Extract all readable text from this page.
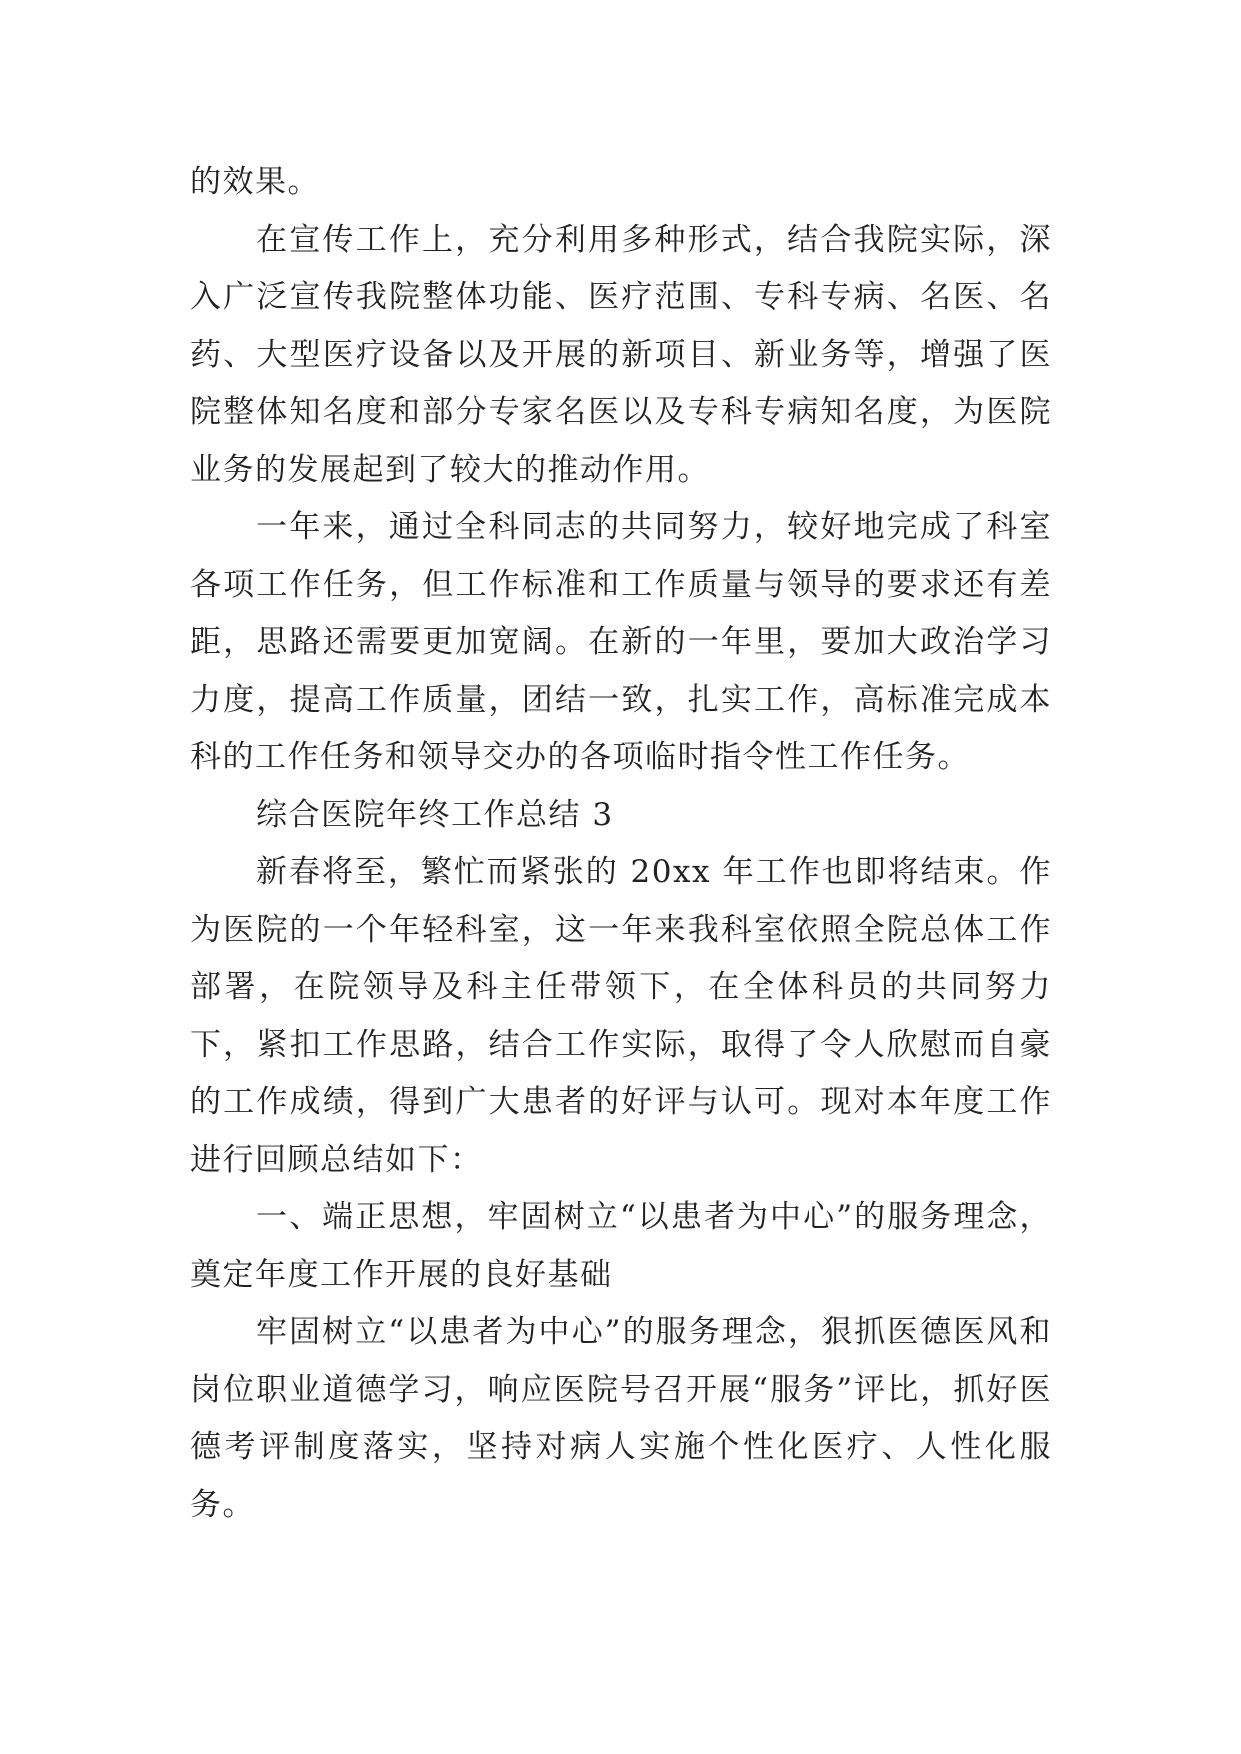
的效果。

在宣传工作上，充分利用多种形式，结合我院实际，深入广泛宣传我院整体功能、医疗范围、专科专病、名医、名药、大型医疗设备以及开展的新项目、新业务等，增强了医院整体知名度和部分专家名医以及专科专病知名度，为医院业务的发展起到了较大的推动作用。

一年来，通过全科同志的共同努力，较好地完成了科室各项工作任务，但工作标准和工作质量与领导的要求还有差距，思路还需要更加宽阔。在新的一年里，要加大政治学习力度，提高工作质量，团结一致，扎实工作，高标准完成本科的工作任务和领导交办的各项临时指令性工作任务。

综合医院年终工作总结 3

新春将至，繁忙而紧张的 20xx 年工作也即将结束。作为医院的一个年轻科室，这一年来我科室依照全院总体工作部署，在院领导及科主任带领下，在全体科员的共同努力下，紧扣工作思路，结合工作实际，取得了令人欣慰而自豪的工作成绩，得到广大患者的好评与认可。现对本年度工作进行回顾总结如下：

一、端正思想，牢固树立“以患者为中心”的服务理念，奠定年度工作开展的良好基础

牢固树立“以患者为中心”的服务理念，狠抓医德医风和岗位职业道德学习，响应医院号召开展“服务”评比，抓好医德考评制度落实，坚持对病人实施个性化医疗、人性化服务。
